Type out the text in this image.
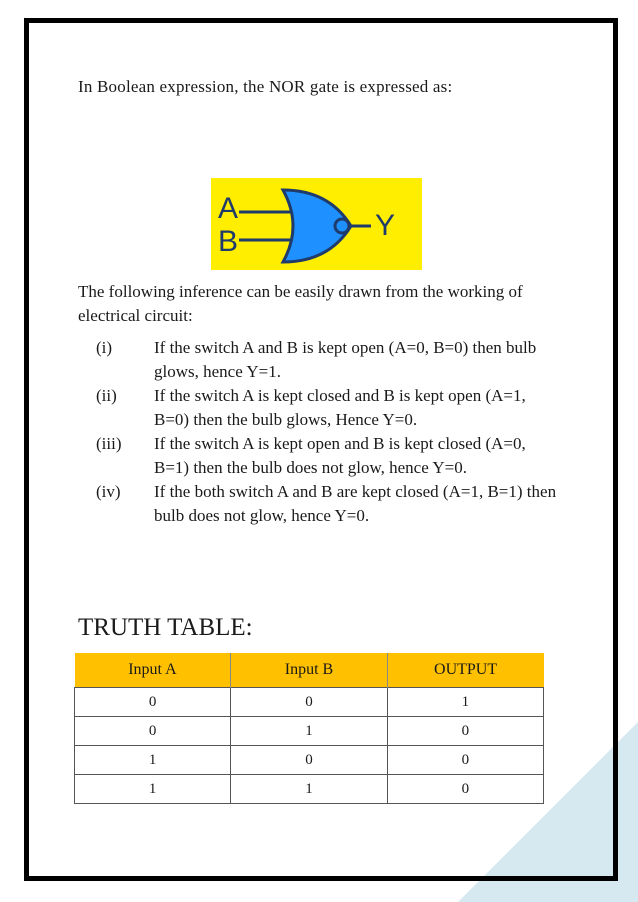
In Boolean expression, the NOR gate is expressed as:
A
B	Y
The following inference can be easily drawn from the working of electrical circuit:
(i)	If the switch A and B is kept open (A=0, B=0) then bulb glows, hence Y=1.
(ii)	If the switch A is kept closed and B is kept open (A=1, B=0) then the bulb glows, Hence Y=0.
(iii)	If the switch A is kept open and B is kept closed (A=0, B=1) then the bulb does not glow, hence Y=0.
(iv)	If the both switch A and B are kept closed (A=1, B=1) then bulb does not glow, hence Y=0.
TRUTH TABLE:
Input A	Input B	OUTPUT
0	0	1
0	1	0
1	0	0
1	1	0
